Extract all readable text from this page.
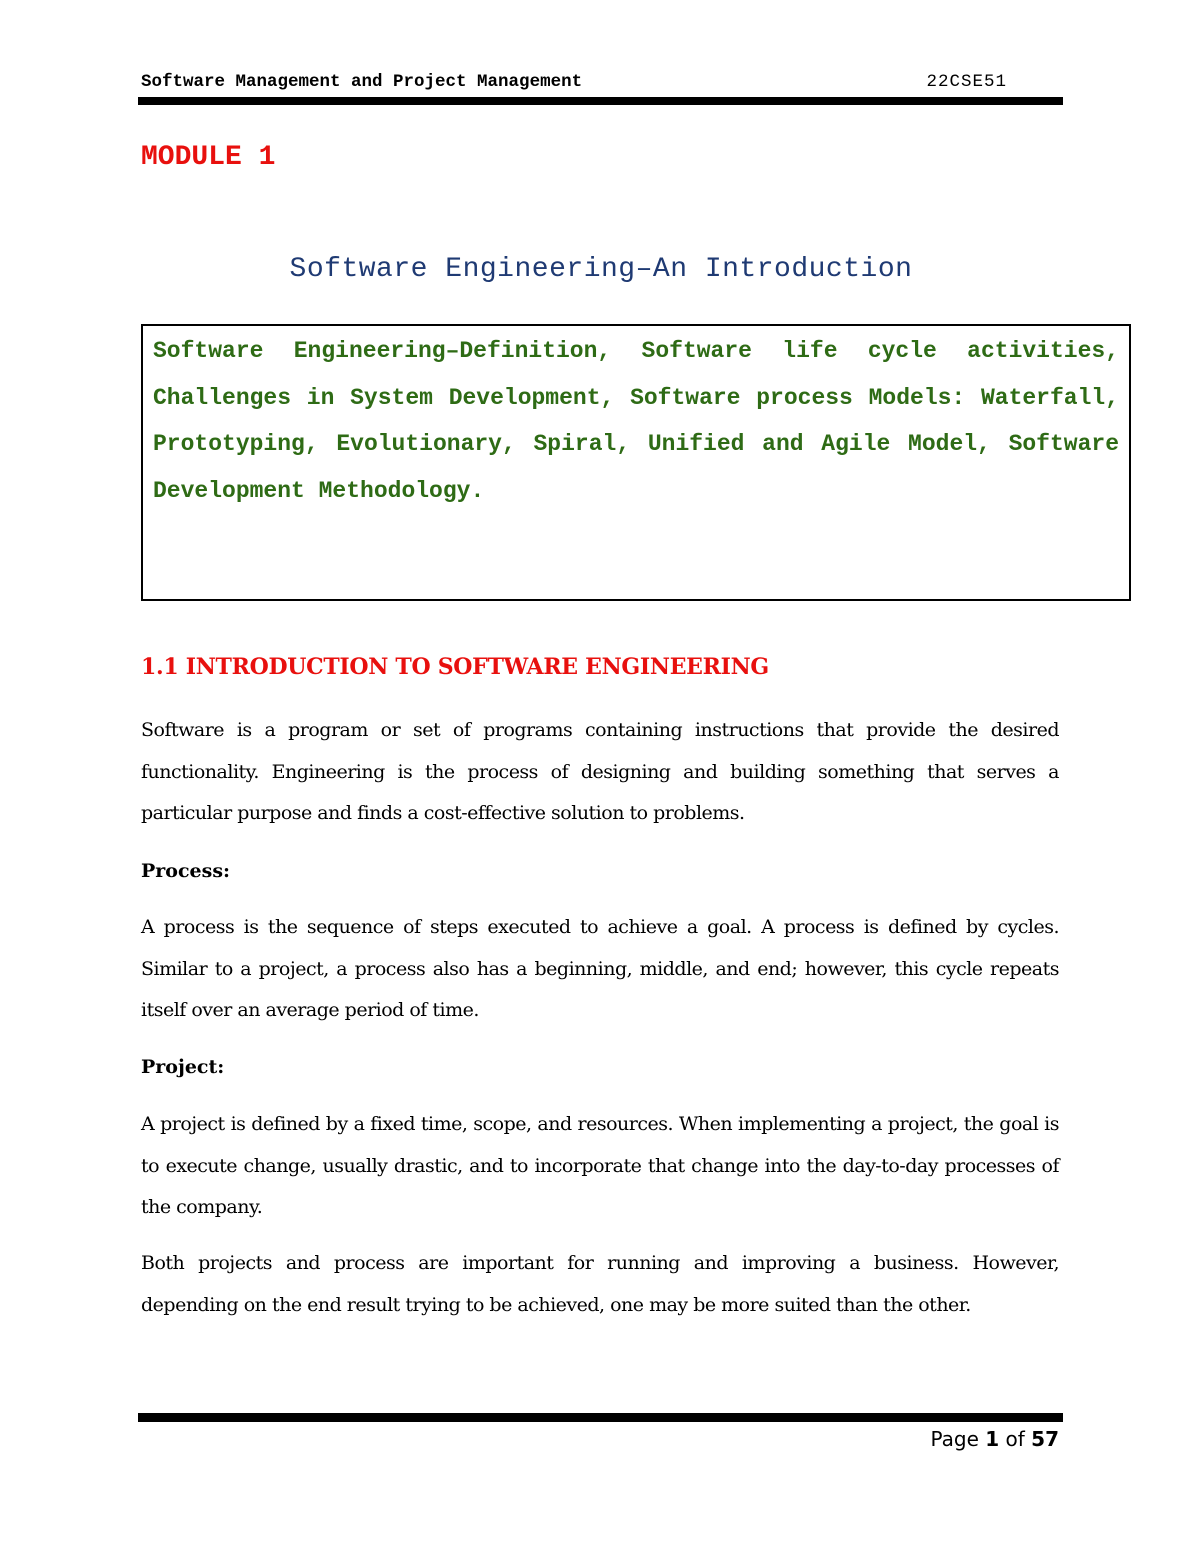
Software Management and Project Management	22CSE51
MODULE 1
Software Engineering–An Introduction

Software Engineering–Definition, Software life cycle activities, Challenges in System Development, Software process Models: Waterfall, Prototyping, Evolutionary, Spiral, Unified and Agile Model, Software Development Methodology.

1.1 INTRODUCTION TO SOFTWARE ENGINEERING

Software is a program or set of programs containing instructions that provide the desired functionality. Engineering is the process of designing and building something that serves a particular purpose and finds a cost-effective solution to problems.

Process:

A process is the sequence of steps executed to achieve a goal. A process is defined by cycles. Similar to a project, a process also has a beginning, middle, and end; however, this cycle repeats itself over an average period of time.

Project:

A project is defined by a fixed time, scope, and resources. When implementing a project, the goal is to execute change, usually drastic, and to incorporate that change into the day-to-day processes of the company.

Both projects and process are important for running and improving a business. However, depending on the end result trying to be achieved, one may be more suited than the other.

Page 1 of 57
